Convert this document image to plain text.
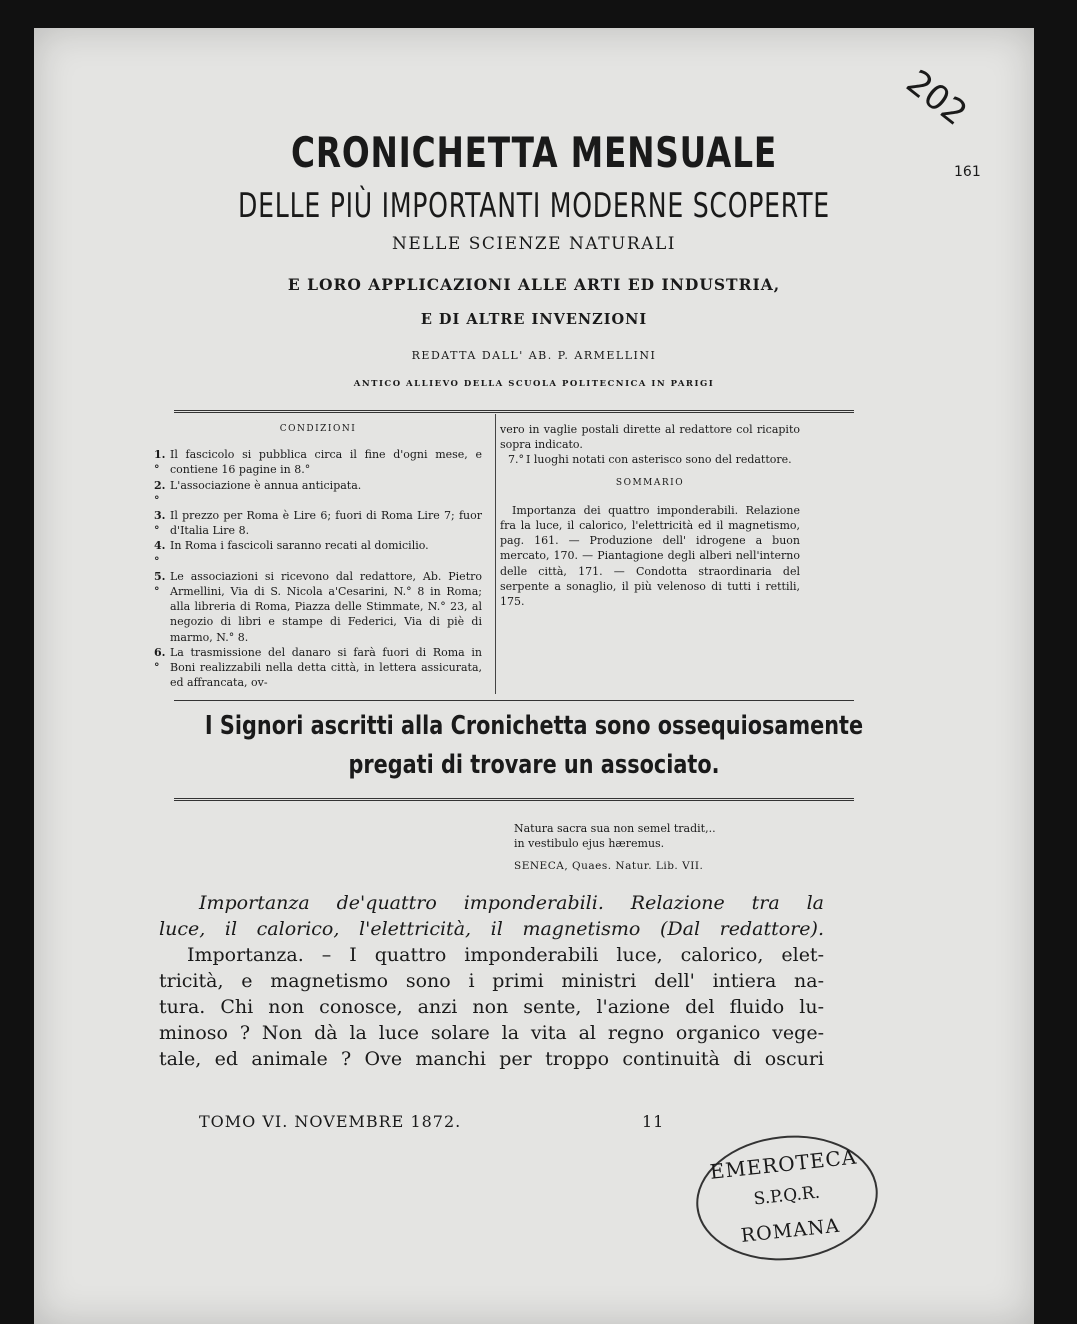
202
161
CRONICHETTA MENSUALE
DELLE PIÙ IMPORTANTI MODERNE SCOPERTE
NELLE SCIENZE NATURALI
E LORO APPLICAZIONI ALLE ARTI ED INDUSTRIA,
E DI ALTRE INVENZIONI
REDATTA DALL' AB. P. ARMELLINI
ANTICO ALLIEVO DELLA SCUOLA POLITECNICA IN PARIGI

CONDIZIONI

1.°
Il fascicolo si pubblica circa il fine d'ogni mese, e contiene 16 pagine in 8.°
2.°
L'associazione è annua anticipata.
3.°
Il prezzo per Roma è Lire 6; fuori di Roma Lire 7; fuor d'Italia Lire 8.
4.°
In Roma i fascicoli saranno recati al domicilio.
5.°
Le associazioni si ricevono dal redattore, Ab. Pietro Armellini, Via di S. Nicola a'Cesarini, N.° 8 in Roma; alla libreria di Roma, Piazza delle Stimmate, N.° 23, al negozio di libri e stampe di Federici, Via di piè di marmo, N.° 8.
6.°
La trasmissione del danaro si farà fuori di Roma in Boni realizzabili nella detta città, in lettera assicurata, ed affrancata, ov-

vero in vaglie postali dirette al redattore col ricapito sopra indicato.

7.° I luoghi notati con asterisco sono del redattore.

SOMMARIO

Importanza dei quattro imponderabili. Relazione fra la luce, il calorico, l'elettricità ed il magnetismo, pag. 161. — Produzione dell' idrogene a buon mercato, 170. — Piantagione degli alberi nell'interno delle città, 171. — Condotta straordinaria del serpente a sonaglio, il più velenoso di tutti i rettili, 175.

I Signori ascritti alla Cronichetta sono ossequiosamente
pregati di trovare un associato.

Natura sacra sua non semel tradit,..

in vestibulo ejus hæremus.

SENECA, Quaes. Natur. Lib. VII.

Importanza de'quattro imponderabili. Relazione tra la

luce, il calorico, l'elettricità, il magnetismo (Dal redattore).

Importanza. – I quattro imponderabili luce, calorico, elet-

tricità, e magnetismo sono i primi ministri dell' intiera na-

tura. Chi non conosce, anzi non sente, l'azione del fluido lu-

minoso ? Non dà la luce solare la vita al regno organico vege-

tale, ed animale ? Ove manchi per troppo continuità di oscuri

TOMO VI. NOVEMBRE 1872.	11
EMEROTECA
S.P.Q.R.
ROMANA
